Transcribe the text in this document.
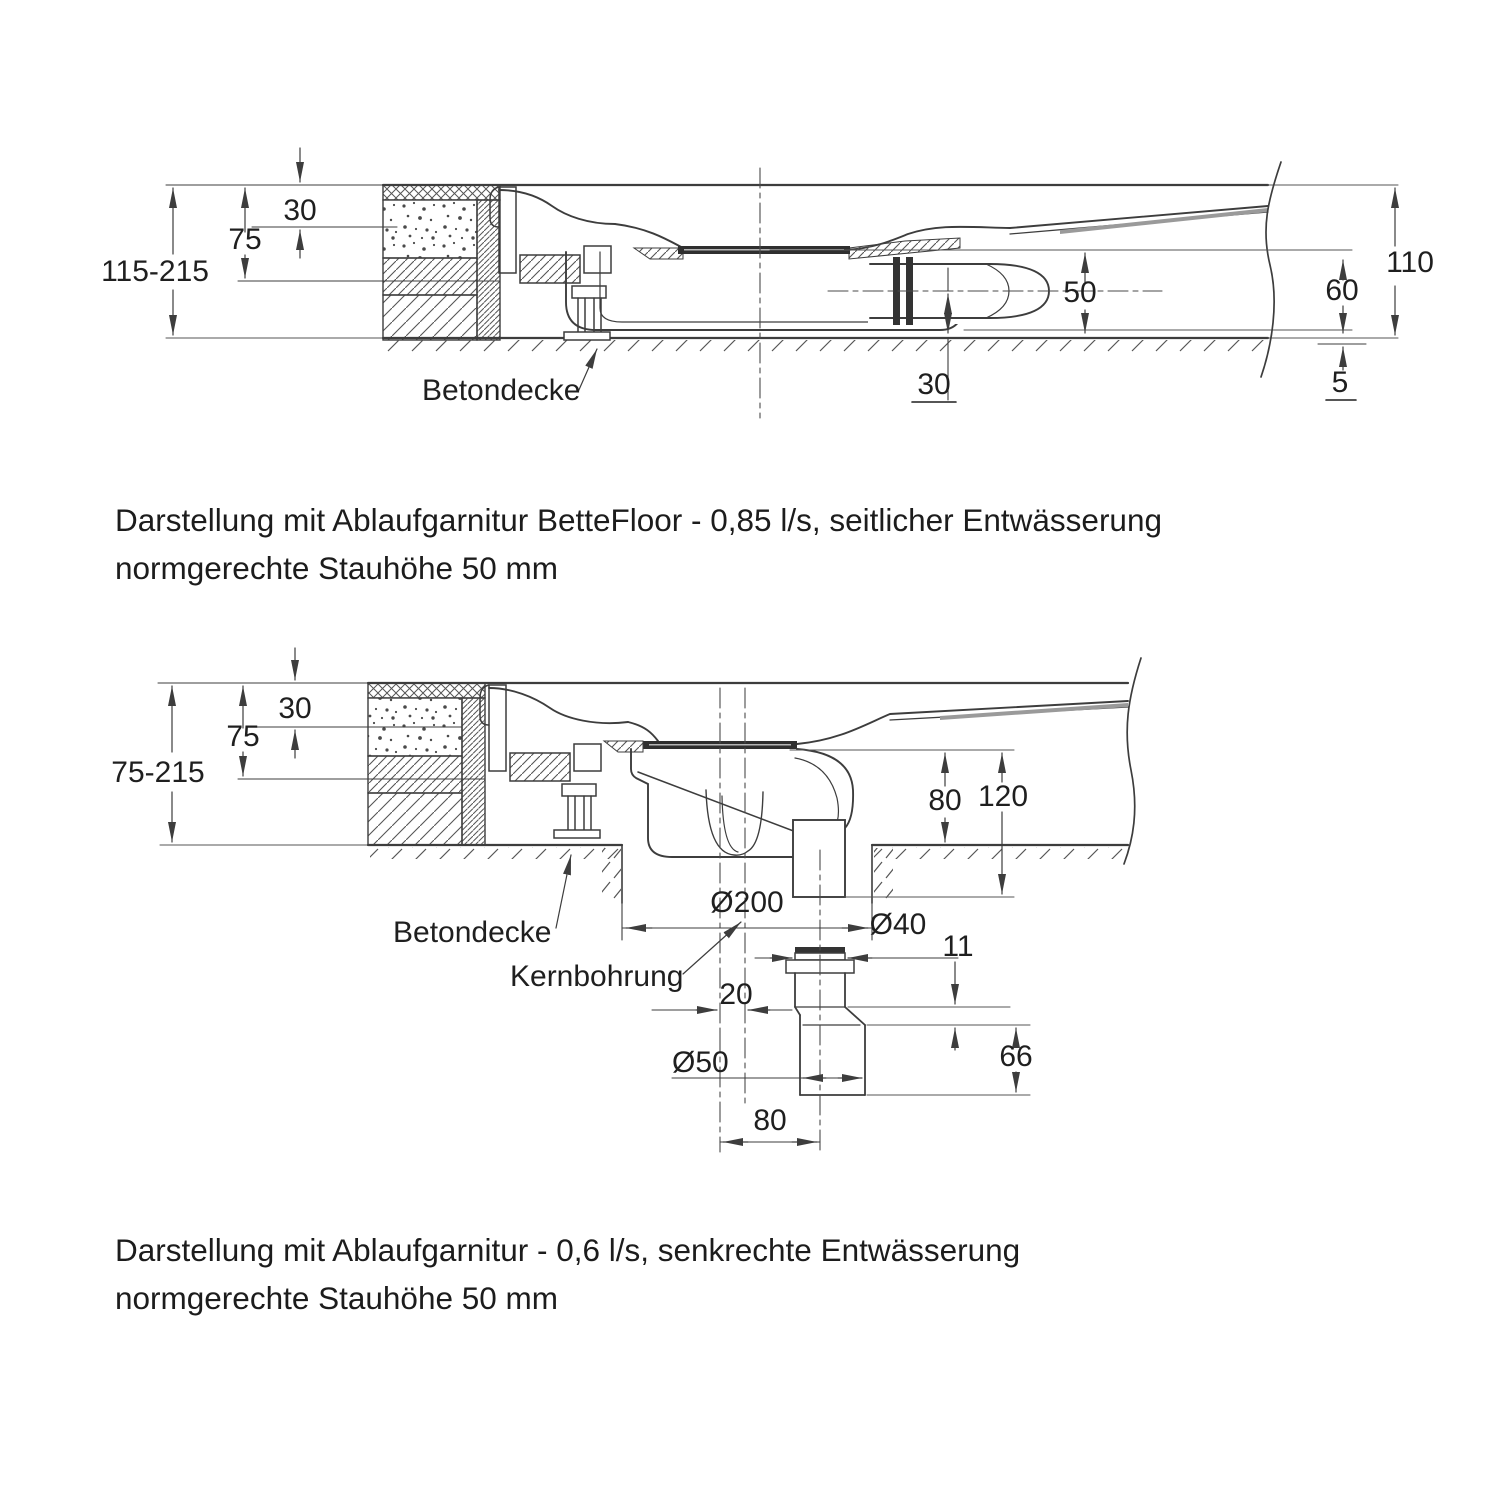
30
75
115-215
30
50	60
110
5
Betondecke
30
75
75-215
80 120
Ø200
Ø40
20
11
66
Ø50
80
Betondecke
Kernbohrung
Darstellung mit Ablaufgarnitur BetteFloor - 0,85 l/s, seitlicher Entwässerung
normgerechte Stauhöhe 50 mm
Darstellung mit Ablaufgarnitur - 0,6 l/s, senkrechte Entwässerung
normgerechte Stauhöhe 50 mm
